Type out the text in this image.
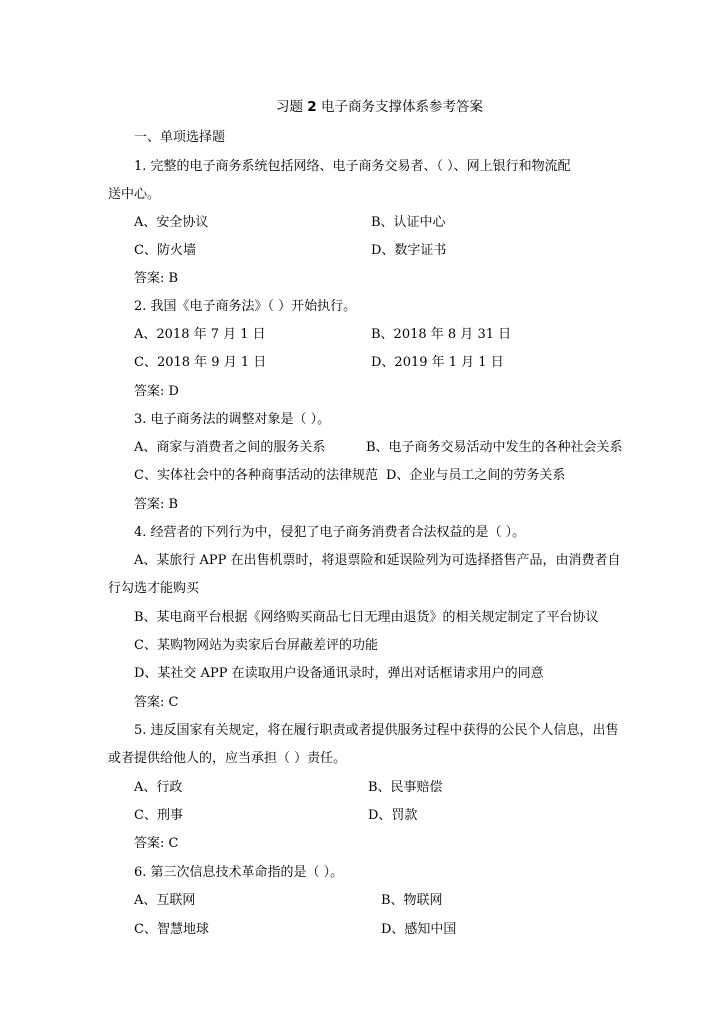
习题 2 电子商务支撑体系参考答案
一、单项选择题
1. 完整的电子商务系统包括网络、电子商务交易者、（ ）、网上银行和物流配
送中心。
A、安全协议	B、认证中心
C、防火墙	D、数字证书
答案: B
2. 我国《电子商务法》（ ）开始执行。
A、2018 年 7 月 1 日	B、2018 年 8 月 31 日
C、2018 年 9 月 1 日	D、2019 年 1 月 1 日
答案: D
3. 电子商务法的调整对象是（ ）。
A、商家与消费者之间的服务关系	B、电子商务交易活动中发生的各种社会关系
C、实体社会中的各种商事活动的法律规范 D、企业与员工之间的劳务关系
答案: B
4. 经营者的下列行为中，侵犯了电子商务消费者合法权益的是（ ）。
A、某旅行 APP 在出售机票时，将退票险和延误险列为可选择搭售产品，由消费者自
行勾选才能购买
B、某电商平台根据《网络购买商品七日无理由退货》的相关规定制定了平台协议
C、某购物网站为卖家后台屏蔽差评的功能
D、某社交 APP 在读取用户设备通讯录时，弹出对话框请求用户的同意
答案: C
5. 违反国家有关规定，将在履行职责或者提供服务过程中获得的公民个人信息，出售
或者提供给他人的，应当承担（ ）责任。
A、行政	B、民事赔偿
C、刑事	D、罚款
答案: C
6. 第三次信息技术革命指的是（ ）。
A、互联网	B、物联网
C、智慧地球	D、感知中国
